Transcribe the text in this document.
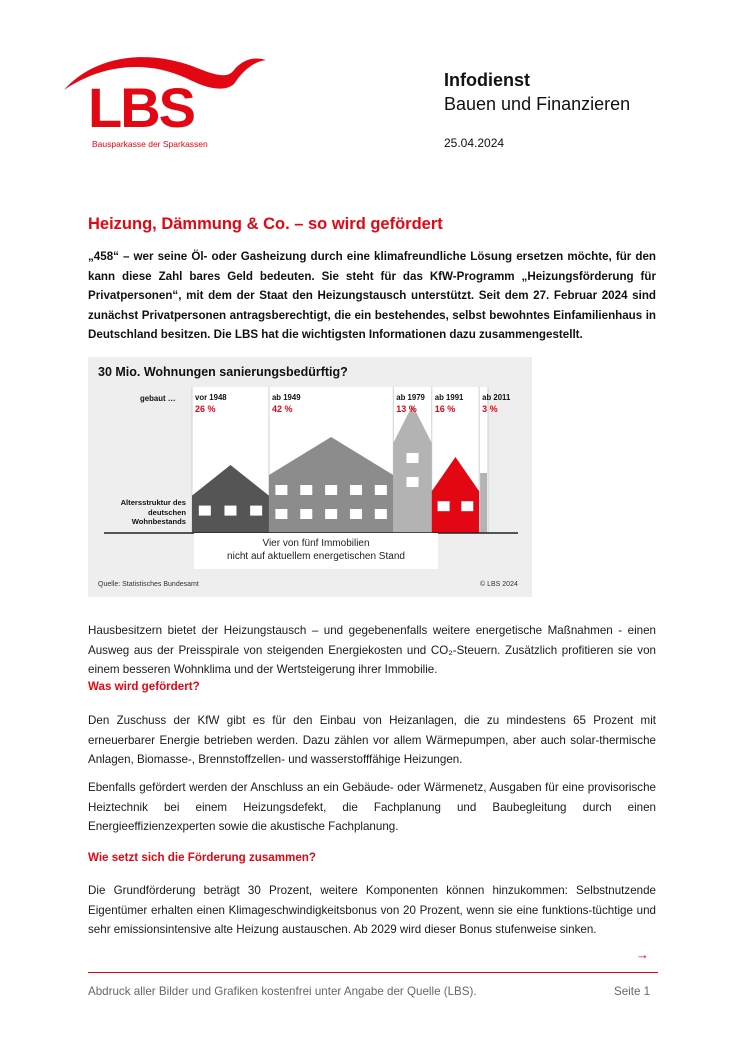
LBS
Bausparkasse der Sparkassen
Infodienst
Bauen und Finanzieren
25.04.2024
Heizung, Dämmung & Co. – so wird gefördert
„458“ – wer seine Öl- oder Gasheizung durch eine klimafreundliche Lösung ersetzen möchte, für den kann diese Zahl bares Geld bedeuten. Sie steht für das KfW-Programm „Heizungsförderung für Privatpersonen“, mit dem der Staat den Heizungstausch unterstützt. Seit dem 27. Februar 2024 sind zunächst Privatpersonen antragsberechtigt, die ein bestehendes, selbst bewohntes Einfamilienhaus in Deutschland besitzen. Die LBS hat die wichtigsten Informationen dazu zusammengestellt.
30 Mio. Wohnungen sanierungsbedürftig?
gebaut …
Altersstruktur des deutschen Wohnbestands
Vier von fünf Immobilien
nicht auf aktuellem energetischen Stand
Quelle: Statistisches Bundesamt	© LBS 2024
vor 1948
26 %
ab 1949
42 %
ab 1979
13 %
ab 1991
16 %
ab 2011
3 %
Hausbesitzern bietet der Heizungstausch – und gegebenenfalls weitere energetische Maßnahmen - einen Ausweg aus der Preisspirale von steigenden Energiekosten und CO₂-Steuern. Zusätzlich profitieren sie von einem besseren Wohnklima und der Wertsteigerung ihrer Immobilie.
Was wird gefördert?
Den Zuschuss der KfW gibt es für den Einbau von Heizanlagen, die zu mindestens 65 Prozent mit erneuerbarer Energie betrieben werden. Dazu zählen vor allem Wärmepumpen, aber auch solar-thermische Anlagen, Biomasse-, Brennstoffzellen- und wasserstofffähige Heizungen.
Ebenfalls gefördert werden der Anschluss an ein Gebäude- oder Wärmenetz, Ausgaben für eine provisorische Heiztechnik bei einem Heizungsdefekt, die Fachplanung und Baubegleitung durch einen Energieeffizienzexperten sowie die akustische Fachplanung.
Wie setzt sich die Förderung zusammen?
Die Grundförderung beträgt 30 Prozent, weitere Komponenten können hinzukommen: Selbstnutzende Eigentümer erhalten einen Klimageschwindigkeitsbonus von 20 Prozent, wenn sie eine funktions-tüchtige und sehr emissionsintensive alte Heizung austauschen. Ab 2029 wird dieser Bonus stufenweise sinken.
→
Abdruck aller Bilder und Grafiken kostenfrei unter Angabe der Quelle (LBS).	Seite 1
